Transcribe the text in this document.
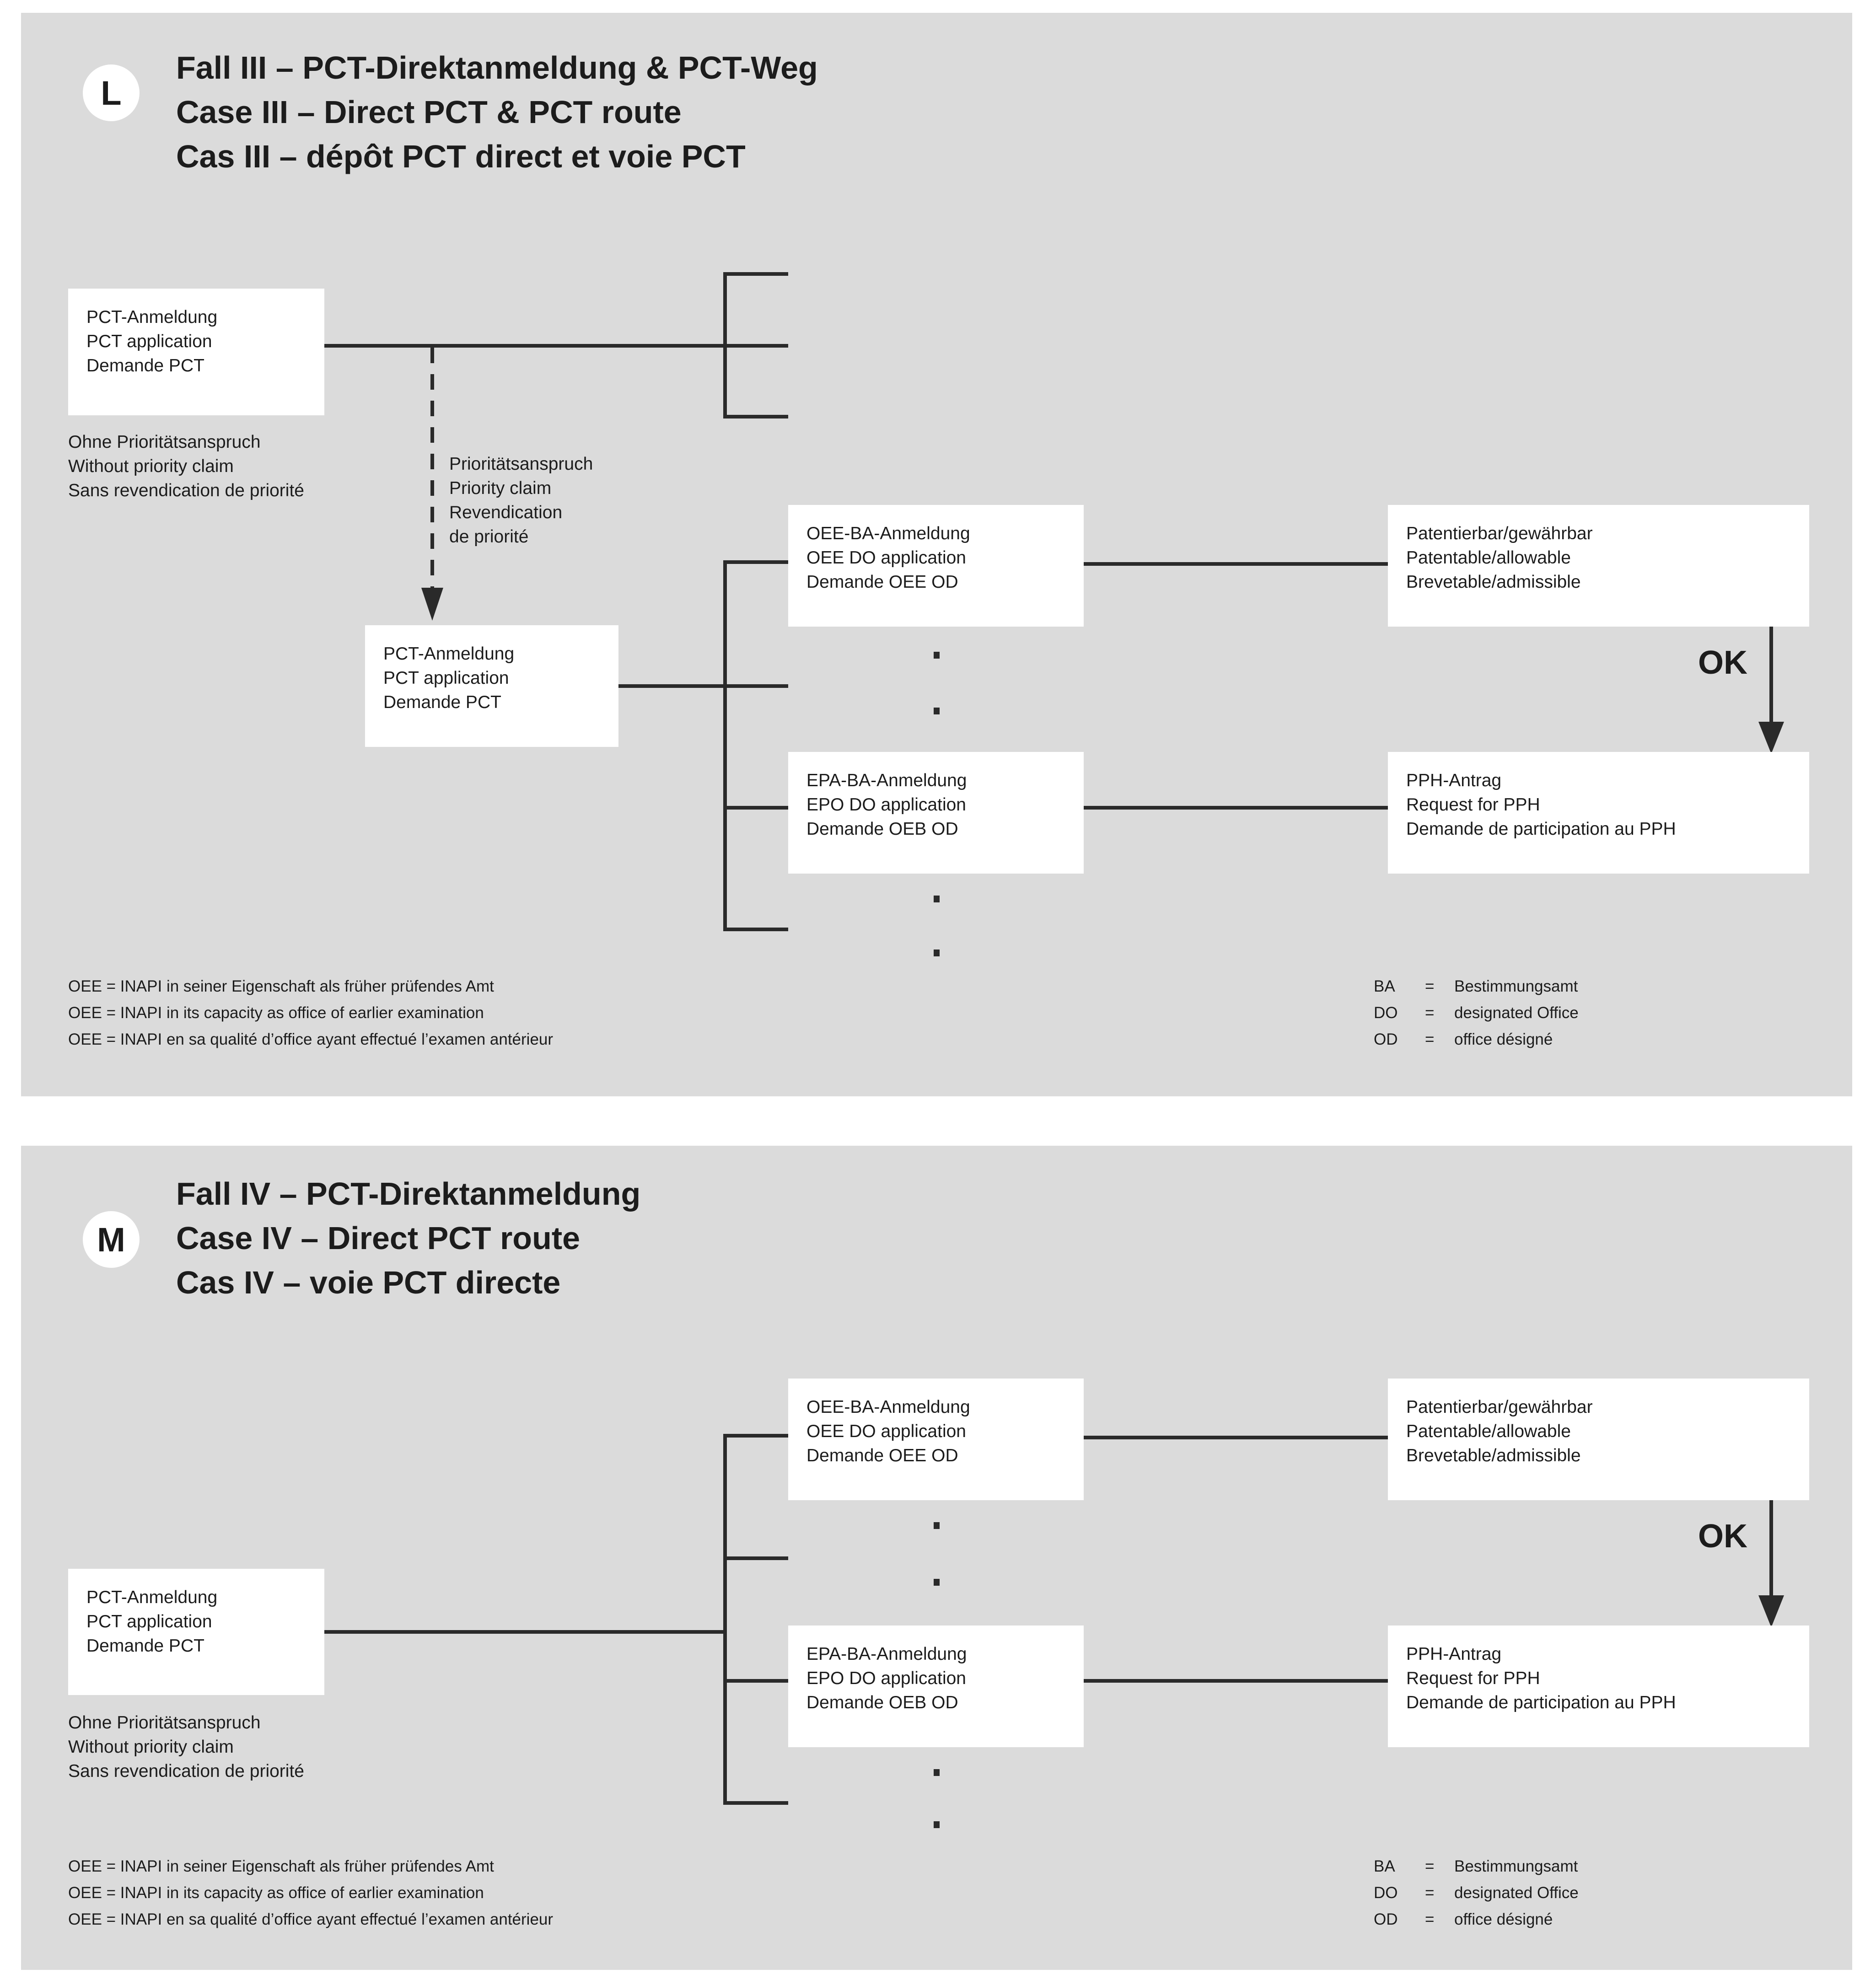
L
Fall III – PCT-Direktanmeldung & PCT-Weg
Case III – Direct PCT & PCT route
Cas III – dépôt PCT direct et voie PCT
PCT-Anmeldung
PCT application
Demande PCT
Ohne Prioritätsanspruch
Without priority claim
Sans revendication de priorité
Prioritätsanspruch
Priority claim
Revendication
de priorité
PCT-Anmeldung
PCT application
Demande PCT
OEE-BA-Anmeldung
OEE DO application
Demande OEE OD
EPA-BA-Anmeldung
EPO DO application
Demande OEB OD
Patentierbar/gewährbar
Patentable/allowable
Brevetable/admissible
OK
PPH-Antrag
Request for PPH
Demande de participation au PPH
OEE = INAPI in seiner Eigenschaft als früher prüfendes Amt
OEE = INAPI in its capacity as office of earlier examination
OEE = INAPI en sa qualité d’office ayant effectué l’examen antérieur
BA	=	Bestimmungsamt
DO	=	designated Office
OD	=	office désigné
M
Fall IV – PCT-Direktanmeldung
Case IV – Direct PCT route
Cas IV – voie PCT directe
PCT-Anmeldung
PCT application
Demande PCT
OEE-BA-Anmeldung
OEE DO application
Demande OEE OD
EPA-BA-Anmeldung
EPO DO application
Demande OEB OD
Patentierbar/gewährbar
Patentable/allowable
Brevetable/admissible
OK
PPH-Antrag
Request for PPH
Demande de participation au PPH
Ohne Prioritätsanspruch
Without priority claim
Sans revendication de priorité
OEE = INAPI in seiner Eigenschaft als früher prüfendes Amt
OEE = INAPI in its capacity as office of earlier examination
OEE = INAPI en sa qualité d’office ayant effectué l’examen antérieur
BA	=	Bestimmungsamt
DO	=	designated Office
OD	=	office désigné
